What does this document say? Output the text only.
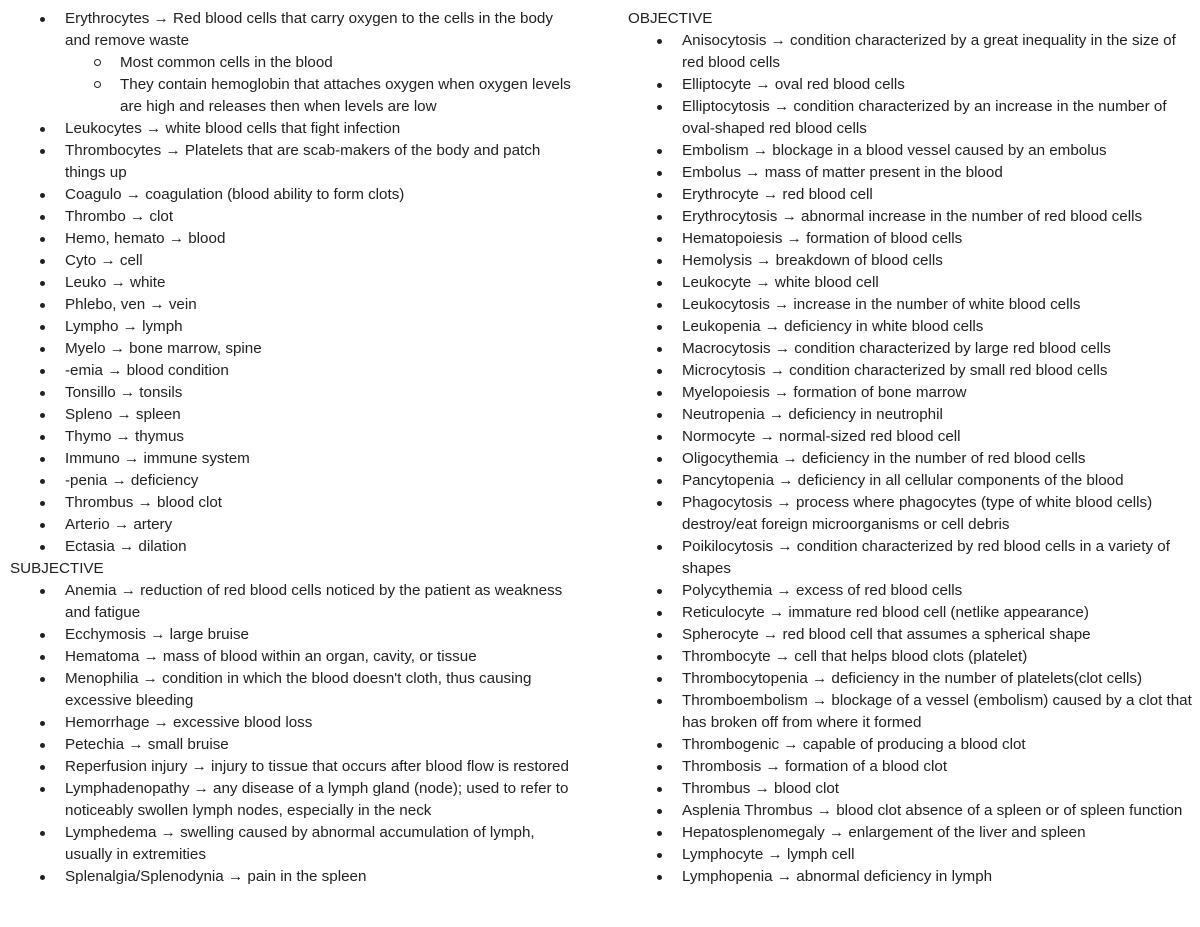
Erythrocytes → Red blood cells that carry oxygen to the cells in the body and remove waste
Most common cells in the blood
They contain hemoglobin that attaches oxygen when oxygen levels are high and releases then when levels are low
Leukocytes → white blood cells that fight infection
Thrombocytes → Platelets that are scab-makers of the body and patch things up
Coagulo → coagulation (blood ability to form clots)
Thrombo → clot
Hemo, hemato → blood
Cyto → cell
Leuko → white
Phlebo, ven → vein
Lympho → lymph
Myelo → bone marrow, spine
-emia → blood condition
Tonsillo → tonsils
Spleno → spleen
Thymo → thymus
Immuno → immune system
-penia → deficiency
Thrombus → blood clot
Arterio → artery
Ectasia → dilation
SUBJECTIVE
Anemia → reduction of red blood cells noticed by the patient as weakness and fatigue
Ecchymosis → large bruise
Hematoma → mass of blood within an organ, cavity, or tissue
Menophilia → condition in which the blood doesn't cloth, thus causing excessive bleeding
Hemorrhage → excessive blood loss
Petechia → small bruise
Reperfusion injury → injury to tissue that occurs after blood flow is restored
Lymphadenopathy → any disease of a lymph gland (node); used to refer to noticeably swollen lymph nodes, especially in the neck
Lymphedema → swelling caused by abnormal accumulation of lymph, usually in extremities
Splenalgia/Splenodynia → pain in the spleen
OBJECTIVE
Anisocytosis → condition characterized by a great inequality in the size of red blood cells
Elliptocyte → oval red blood cells
Elliptocytosis → condition characterized by an increase in the number of oval-shaped red blood cells
Embolism → blockage in a blood vessel caused by an embolus
Embolus → mass of matter present in the blood
Erythrocyte → red blood cell
Erythrocytosis → abnormal increase in the number of red blood cells
Hematopoiesis → formation of blood cells
Hemolysis → breakdown of blood cells
Leukocyte → white blood cell
Leukocytosis → increase in the number of white blood cells
Leukopenia → deficiency in white blood cells
Macrocytosis → condition characterized by large red blood cells
Microcytosis → condition characterized by small red blood cells
Myelopoiesis → formation of bone marrow
Neutropenia → deficiency in neutrophil
Normocyte → normal-sized red blood cell
Oligocythemia → deficiency in the number of red blood cells
Pancytopenia → deficiency in all cellular components of the blood
Phagocytosis → process where phagocytes (type of white blood cells) destroy/eat foreign microorganisms or cell debris
Poikilocytosis → condition characterized by red blood cells in a variety of shapes
Polycythemia → excess of red blood cells
Reticulocyte → immature red blood cell (netlike appearance)
Spherocyte → red blood cell that assumes a spherical shape
Thrombocyte → cell that helps blood clots (platelet)
Thrombocytopenia → deficiency in the number of platelets(clot cells)
Thromboembolism → blockage of a vessel (embolism) caused by a clot that has broken off from where it formed
Thrombogenic → capable of producing a blood clot
Thrombosis → formation of a blood clot
Thrombus → blood clot
Asplenia Thrombus → blood clot absence of a spleen or of spleen function
Hepatosplenomegaly → enlargement of the liver and spleen
Lymphocyte → lymph cell
Lymphopenia → abnormal deficiency in lymph
